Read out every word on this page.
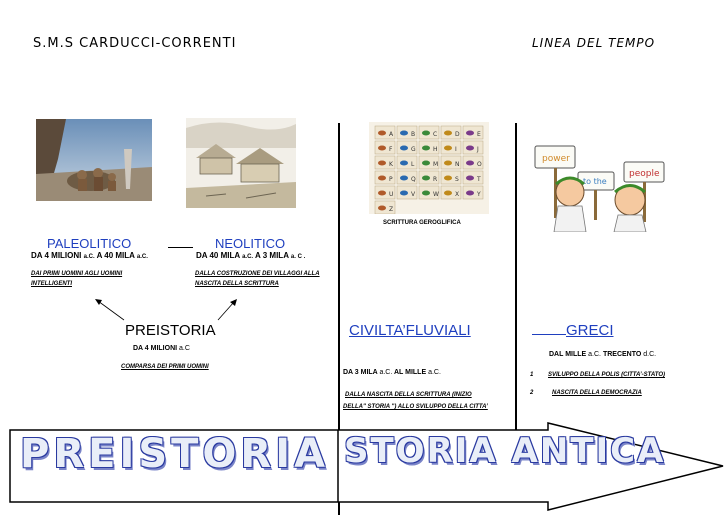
S.M.S CARDUCCI-CORRENTI	LINEA DEL TEMPO
A	B	C	D	E
F	G	H	I	J
K	L	M	N	O
P	Q	R	S	T
U	V	W	X	Y
Z
SCRITTURA GEROGLIFICA
power
to the
people
PALEOLITICO
DA 4 MILIONI a.C. A 40 MILA a.C.
DAI PRIMI UOMINI AGLI UOMINI
INTELLIGENTI
NEOLITICO
DA 40 MILA a.C. A 3 MILA a. C .
DALLA COSTRUZIONE DEI VILLAGGI ALLA
NASCITA DELLA SCRITTURA
PREISTORIA
DA 4 MILIONI a.C
COMPARSA DEI PRIMI UOMINI
CIVILTA’FLUVIALI
DA 3 MILA a.C. AL MILLE a.C.
DALLA NASCITA DELLA SCRITTURA (INIZIO
DELLA" STORIA ") ALLO SVILUPPO DELLA CITTA’
GRECI
DAL MILLE a.C. TRECENTO d.C.
1 SVILUPPO DELLA POLIS (CITTA’-STATO)
2	NASCITA DELLA DEMOCRAZIA
PREISTORIA STORIA ANTICA
